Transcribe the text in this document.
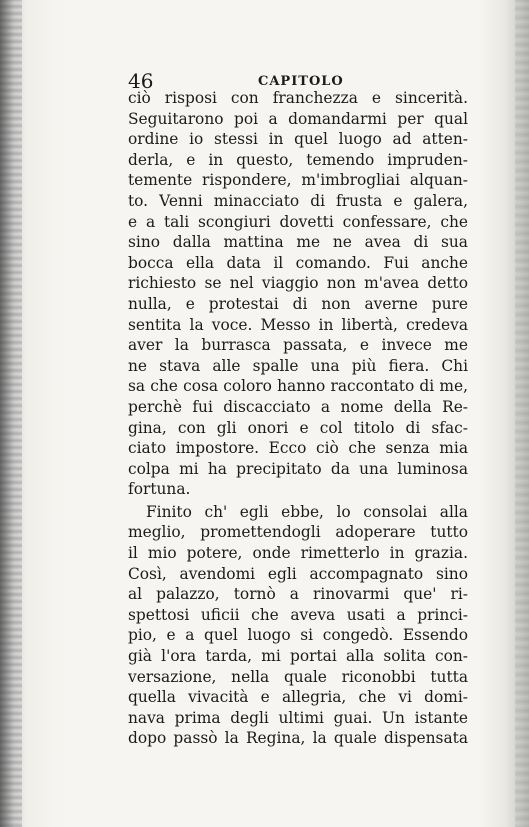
46	CAPITOLO
ciò risposi con franchezza e sincerità.
Seguitarono poi a domandarmi per qual
ordine io stessi in quel luogo ad atten-
derla, e in questo, temendo impruden-
temente rispondere, m'imbrogliai alquan-
to. Venni minacciato di frusta e galera,
e a tali scongiuri dovetti confessare, che
sino dalla mattina me ne avea di sua
bocca ella data il comando. Fui anche
richiesto se nel viaggio non m'avea detto
nulla, e protestai di non averne pure
sentita la voce. Messo in libertà, credeva
aver la burrasca passata, e invece me
ne stava alle spalle una più fiera. Chi
sa che cosa coloro hanno raccontato di me,
perchè fui discacciato a nome della Re-
gina, con gli onori e col titolo di sfac-
ciato impostore. Ecco ciò che senza mia
colpa mi ha precipitato da una luminosa
fortuna.
Finito ch' egli ebbe, lo consolai alla
meglio, promettendogli adoperare tutto
il mio potere, onde rimetterlo in grazia.
Così, avendomi egli accompagnato sino
al palazzo, tornò a rinovarmi que' ri-
spettosi uficii che aveva usati a princi-
pio, e a quel luogo si congedò. Essendo
già l'ora tarda, mi portai alla solita con-
versazione, nella quale riconobbi tutta
quella vivacità e allegria, che vi domi-
nava prima degli ultimi guai. Un istante
dopo passò la Regina, la quale dispensata
